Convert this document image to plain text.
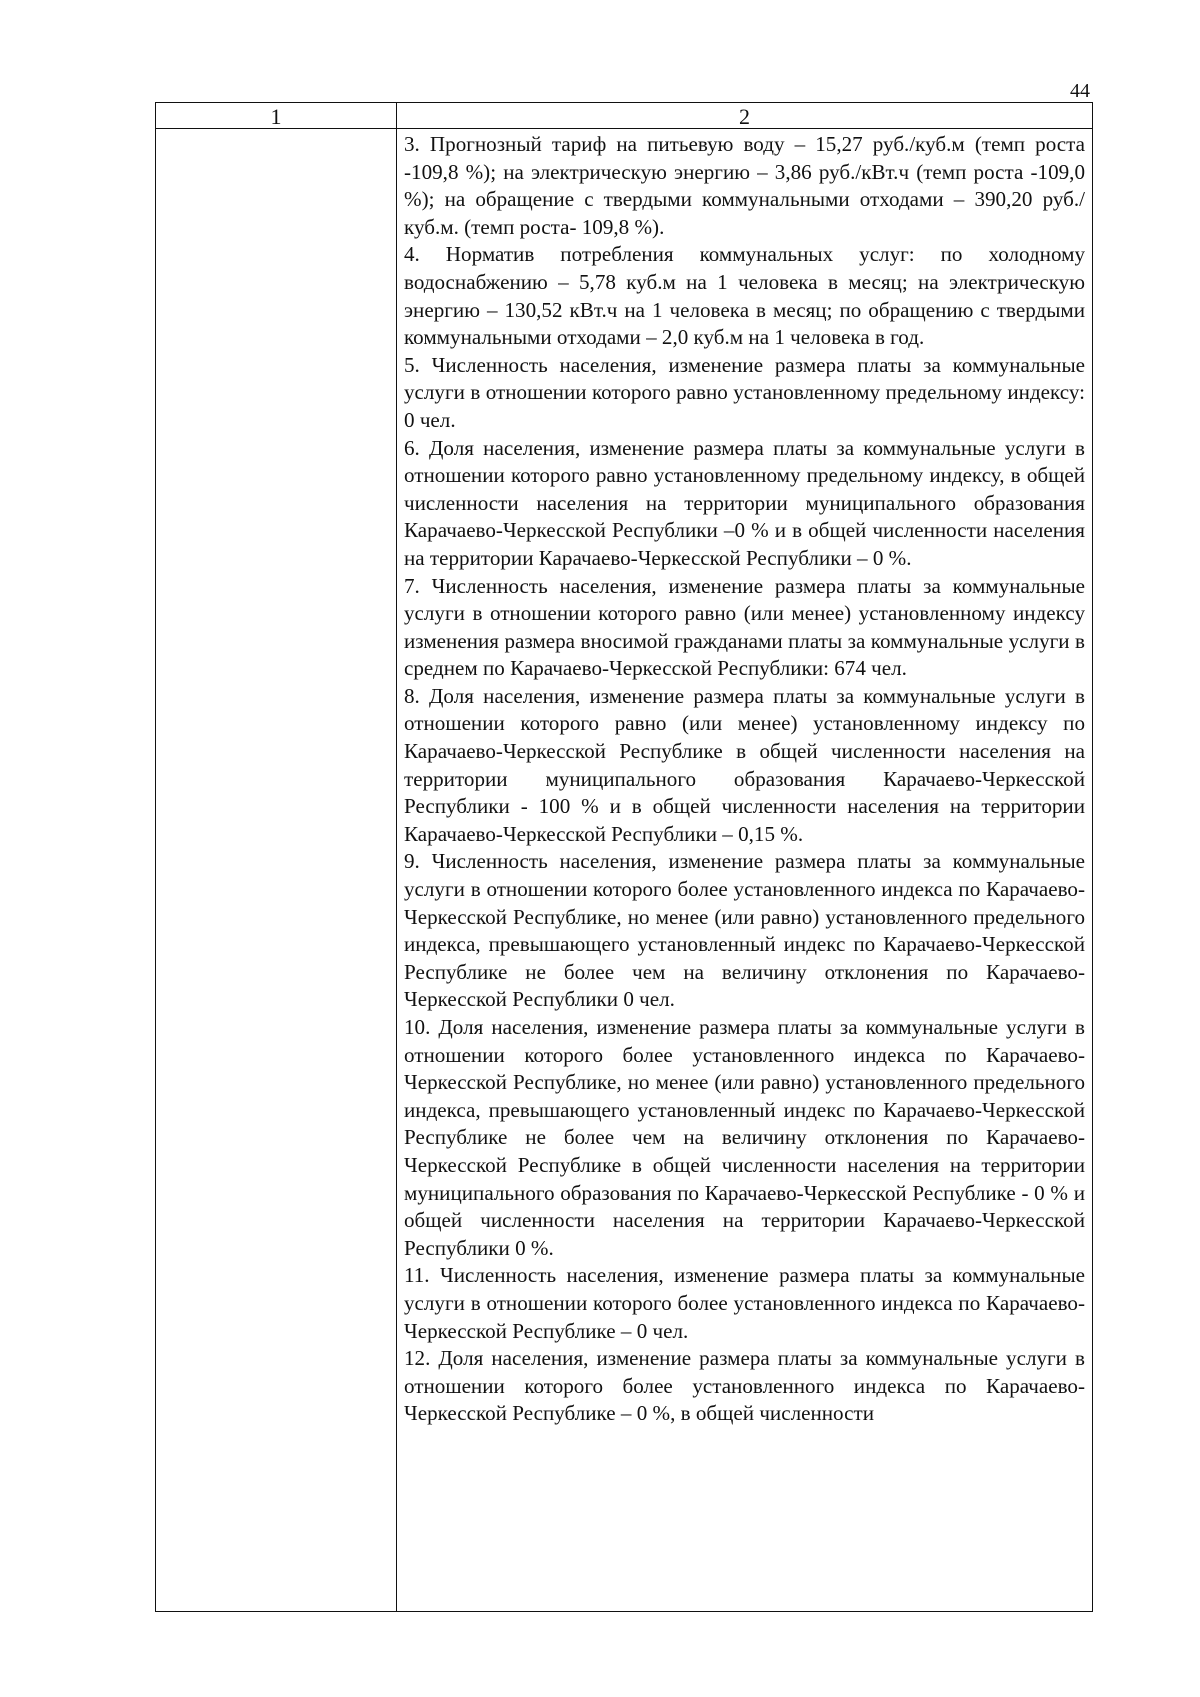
44
1	2

3. Прогнозный тариф на питьевую воду – 15,27 руб./куб.м (темп роста -109,8 %); на электрическую энергию – 3,86 руб./кВт.ч (темп роста -109,0 %); на обращение с твердыми коммунальными отходами – 390,20 руб./куб.м. (темп роста- 109,8 %).

4. Норматив потребления коммунальных услуг: по холодному водоснабжению – 5,78 куб.м на 1 человека в месяц; на электрическую энергию – 130,52 кВт.ч на 1 человека в месяц; по обращению с твердыми коммунальными отходами – 2,0 куб.м на 1 человека в год.

5. Численность населения, изменение размера платы за коммунальные услуги в отношении которого равно установленному предельному индексу: 0 чел.

6. Доля населения, изменение размера платы за коммунальные услуги в отношении которого равно установленному предельному индексу, в общей численности населения на территории муниципального образования Карачаево-Черкесской Республики –0 % и в общей численности населения на территории Карачаево-Черкесской Республики – 0 %.

7. Численность населения, изменение размера платы за коммунальные услуги в отношении которого равно (или менее) установленному индексу изменения размера вносимой гражданами платы за коммунальные услуги в среднем по Карачаево-Черкесской Республики: 674 чел.

8. Доля населения, изменение размера платы за коммунальные услуги в отношении которого равно (или менее) установленному индексу по Карачаево-Черкесской Республике в общей численности населения на территории муниципального образования Карачаево-Черкесской Республики - 100 % и в общей численности населения на территории Карачаево-Черкесской Республики – 0,15 %.

9. Численность населения, изменение размера платы за коммунальные услуги в отношении которого более установленного индекса по Карачаево-Черкесской Республике, но менее (или равно) установленного предельного индекса, превышающего установленный индекс по Карачаево-Черкесской Республике не более чем на величину отклонения по Карачаево-Черкесской Республики 0 чел.

10. Доля населения, изменение размера платы за коммунальные услуги в отношении которого более установленного индекса по Карачаево-Черкесской Республике, но менее (или равно) установленного предельного индекса, превышающего установленный индекс по Карачаево-Черкесской Республике не более чем на величину отклонения по Карачаево-Черкесской Республике в общей численности населения на территории муниципального образования по Карачаево-Черкесской Республике - 0 % и общей численности населения на территории Карачаево-Черкесской Республики 0 %.

11. Численность населения, изменение размера платы за коммунальные услуги в отношении которого более установленного индекса по Карачаево-Черкесской Республике – 0 чел.

12. Доля населения, изменение размера платы за коммунальные услуги в отношении которого более установленного индекса по Карачаево-Черкесской Республике – 0 %, в общей численности
